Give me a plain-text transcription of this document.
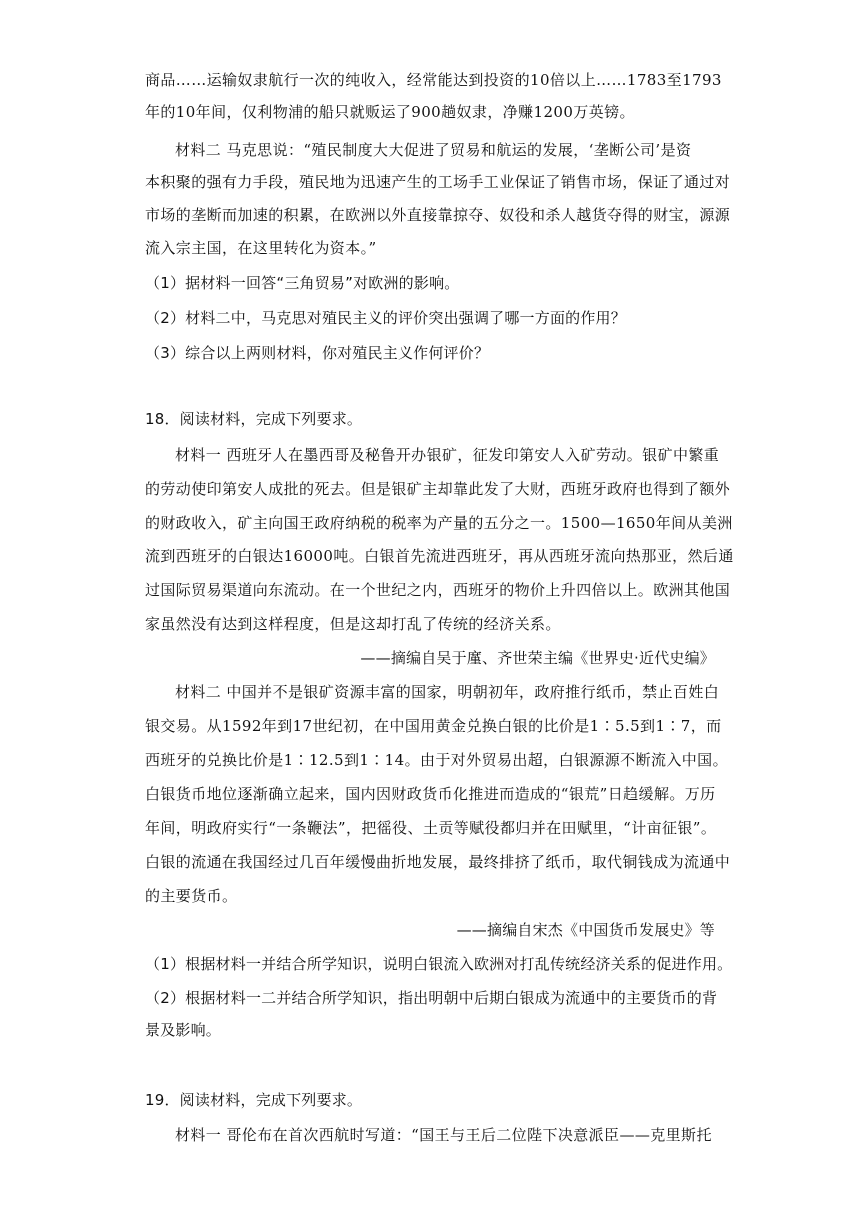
商品……运输奴隶航行一次的纯收入，经常能达到投资的10倍以上……1783至1793
年的10年间，仅利物浦的船只就贩运了900趟奴隶，净赚1200万英镑。
材料二 马克思说：“殖民制度大大促进了贸易和航运的发展，‘垄断公司’是资
本积聚的强有力手段，殖民地为迅速产生的工场手工业保证了销售市场，保证了通过对
市场的垄断而加速的积累，在欧洲以外直接靠掠夺、奴役和杀人越货夺得的财宝，源源
流入宗主国，在这里转化为资本。”
（1）据材料一回答“三角贸易”对欧洲的影响。
（2）材料二中，马克思对殖民主义的评价突出强调了哪一方面的作用？
（3）综合以上两则材料，你对殖民主义作何评价？
18．阅读材料，完成下列要求。
材料一 西班牙人在墨西哥及秘鲁开办银矿，征发印第安人入矿劳动。银矿中繁重
的劳动使印第安人成批的死去。但是银矿主却靠此发了大财，西班牙政府也得到了额外
的财政收入，矿主向国王政府纳税的税率为产量的五分之一。1500—1650年间从美洲
流到西班牙的白银达16000吨。白银首先流进西班牙，再从西班牙流向热那亚，然后通
过国际贸易渠道向东流动。在一个世纪之内，西班牙的物价上升四倍以上。欧洲其他国
家虽然没有达到这样程度，但是这却打乱了传统的经济关系。
——摘编自吴于廑、齐世荣主编《世界史·近代史编》
材料二 中国并不是银矿资源丰富的国家，明朝初年，政府推行纸币，禁止百姓白
银交易。从1592年到17世纪初，在中国用黄金兑换白银的比价是1∶5.5到1∶7，而
西班牙的兑换比价是1∶12.5到1∶14。由于对外贸易出超，白银源源不断流入中国。
白银货币地位逐渐确立起来，国内因财政货币化推进而造成的“银荒”日趋缓解。万历
年间，明政府实行“一条鞭法”，把徭役、土贡等赋役都归并在田赋里，“计亩征银”。
白银的流通在我国经过几百年缓慢曲折地发展，最终排挤了纸币，取代铜钱成为流通中
的主要货币。
——摘编自宋杰《中国货币发展史》等
（1）根据材料一并结合所学知识，说明白银流入欧洲对打乱传统经济关系的促进作用。
（2）根据材料一二并结合所学知识，指出明朝中后期白银成为流通中的主要货币的背
景及影响。
19．阅读材料，完成下列要求。
材料一 哥伦布在首次西航时写道：“国王与王后二位陛下决意派臣——克里斯托
